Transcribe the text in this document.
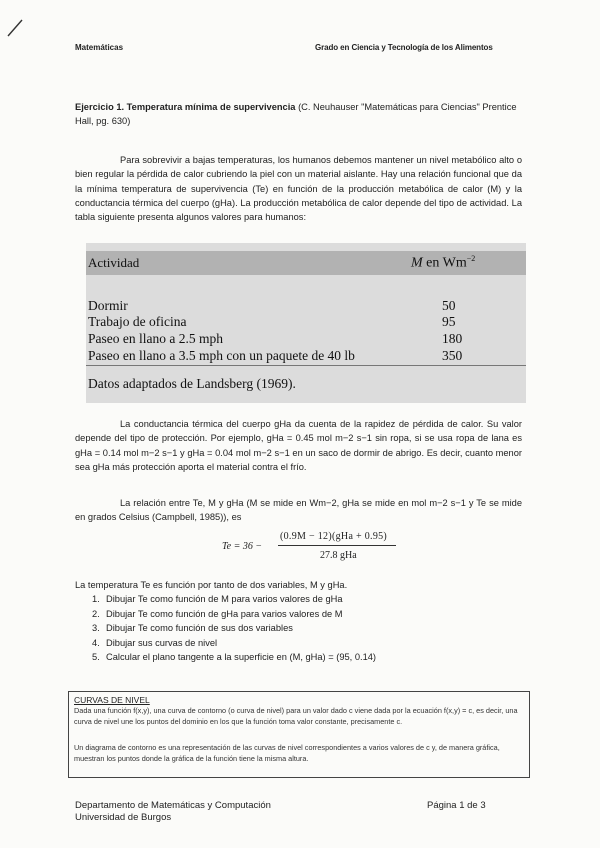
Matemáticas	Grado en Ciencia y Tecnología de los Alimentos
Ejercicio 1. Temperatura mínima de supervivencia (C. Neuhauser "Matemáticas para Ciencias" Prentice Hall, pg. 630)
Para sobrevivir a bajas temperaturas, los humanos debemos mantener un nivel metabólico alto o bien regular la pérdida de calor cubriendo la piel con un material aislante. Hay una relación funcional que da la mínima temperatura de supervivencia (Te) en función de la producción metabólica de calor (M) y la conductancia térmica del cuerpo (gHa). La producción metabólica de calor depende del tipo de actividad. La tabla siguiente presenta algunos valores para humanos:
Actividad	M en $Wm^{-2}$
Dormir	50
Trabajo de oficina	95
Paseo en llano a 2.5 mph	180
Paseo en llano a 3.5 mph con un paquete de 40 lb	350
Datos adaptados de Landsberg (1969).
La conductancia térmica del cuerpo gHa da cuenta de la rapidez de pérdida de calor. Su valor depende del tipo de protección. Por ejemplo, gHa = 0.45 mol m−2 s−1 sin ropa, si se usa ropa de lana es gHa = 0.14 mol m−2 s−1 y gHa = 0.04 mol m−2 s−1 en un saco de dormir de abrigo. Es decir, cuanto menor sea gHa más protección aporta el material contra el frío.
La relación entre Te, M y gHa (M se mide en Wm−2, gHa se mide en mol m−2 s−1 y Te se mide en grados Celsius (Campbell, 1985)), es
Te = 36 −
(0.9M − 12)(gHa + 0.95)
27.8 gHa
La temperatura Te es función por tanto de dos variables, M y gHa.
1. Dibujar Te como función de M para varios valores de gHa
2. Dibujar Te como función de gHa para varios valores de M
3. Dibujar Te como función de sus dos variables
4. Dibujar sus curvas de nivel
5. Calcular el plano tangente a la superficie en (M, gHa) = (95, 0.14)
CURVAS DE NIVEL
Dada una función f(x,y), una curva de contorno (o curva de nivel) para un valor dado c viene dada por la ecuación f(x,y) = c, es decir, una curva de nivel une los puntos del dominio en los que la función toma valor constante, precisamente c.
Un diagrama de contorno es una representación de las curvas de nivel correspondientes a varios valores de c y, de manera gráfica, muestran los puntos donde la gráfica de la función tiene la misma altura.
Departamento de Matemáticas y Computación
Universidad de Burgos
Página 1 de 3
